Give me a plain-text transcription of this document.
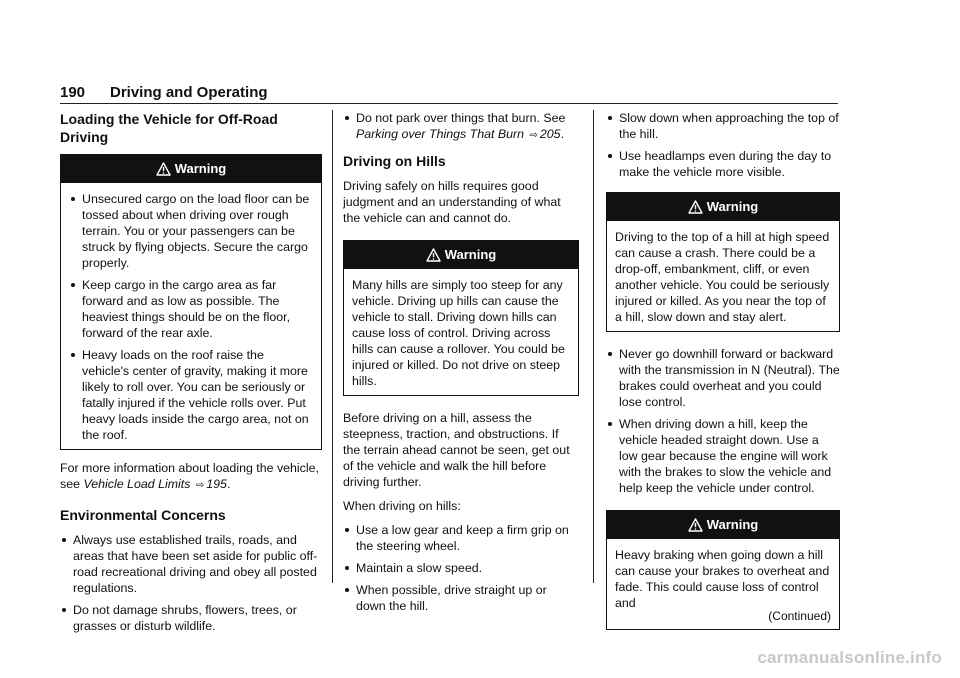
190 Driving and Operating
Loading the Vehicle for Off-Road Driving
Warning
Unsecured cargo on the load floor can be tossed about when driving over rough terrain. You or your passengers can be struck by flying objects. Secure the cargo properly.
Keep cargo in the cargo area as far forward and as low as possible. The heaviest things should be on the floor, forward of the rear axle.
Heavy loads on the roof raise the vehicle's center of gravity, making it more likely to roll over. You can be seriously or fatally injured if the vehicle rolls over. Put heavy loads inside the cargo area, not on the roof.

For more information about loading the vehicle, see Vehicle Load Limits ⇨ 195.

Environmental Concerns
Always use established trails, roads, and areas that have been set aside for public off-road recreational driving and obey all posted regulations.
Do not damage shrubs, flowers, trees, or grasses or disturb wildlife.
Do not park over things that burn. See Parking over Things That Burn ⇨ 205.
Driving on Hills

Driving safely on hills requires good judgment and an understanding of what the vehicle can and cannot do.

Warning
Many hills are simply too steep for any vehicle. Driving up hills can cause the vehicle to stall. Driving down hills can cause loss of control. Driving across hills can cause a rollover. You could be injured or killed. Do not drive on steep hills.

Before driving on a hill, assess the steepness, traction, and obstructions. If the terrain ahead cannot be seen, get out of the vehicle and walk the hill before driving further.

When driving on hills:

Use a low gear and keep a firm grip on the steering wheel.
Maintain a slow speed.
When possible, drive straight up or down the hill.
Slow down when approaching the top of the hill.
Use headlamps even during the day to make the vehicle more visible.
Warning
Driving to the top of a hill at high speed can cause a crash. There could be a drop-off, embankment, cliff, or even another vehicle. You could be seriously injured or killed. As you near the top of a hill, slow down and stay alert.
Never go downhill forward or backward with the transmission in N (Neutral). The brakes could overheat and you could lose control.
When driving down a hill, keep the vehicle headed straight down. Use a low gear because the engine will work with the brakes to slow the vehicle and help keep the vehicle under control.
Warning
Heavy braking when going down a hill can cause your brakes to overheat and fade. This could cause loss of control and
(Continued)
carmanualsonline.info
